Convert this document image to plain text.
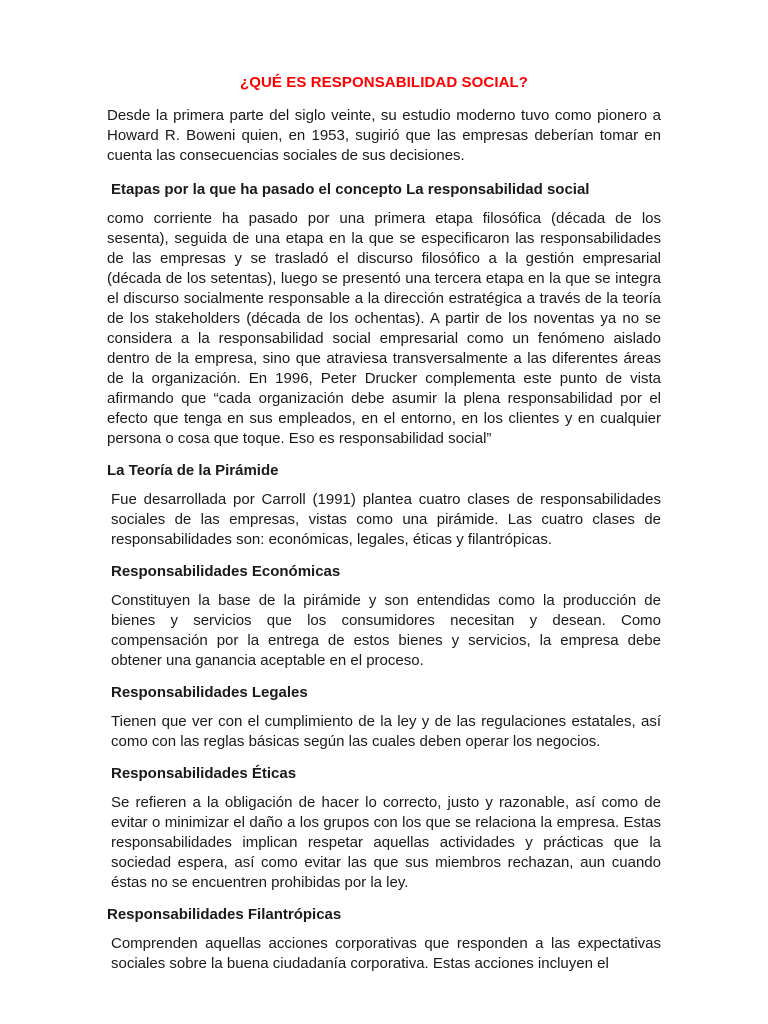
¿QUÉ ES RESPONSABILIDAD SOCIAL?

Desde la primera parte del siglo veinte, su estudio moderno tuvo como pionero a Howard R. Boweni quien, en 1953, sugirió que las empresas deberían tomar en cuenta las consecuencias sociales de sus decisiones.

Etapas por la que ha pasado el concepto La responsabilidad social

como corriente ha pasado por una primera etapa filosófica (década de los sesenta), seguida de una etapa en la que se especificaron las responsabilidades de las empresas y se trasladó el discurso filosófico a la gestión empresarial (década de los setentas), luego se presentó una tercera etapa en la que se integra el discurso socialmente responsable a la dirección estratégica a través de la teoría de los stakeholders (década de los ochentas). A partir de los noventas ya no se considera a la responsabilidad social empresarial como un fenómeno aislado dentro de la empresa, sino que atraviesa transversalmente a las diferentes áreas de la organización. En 1996, Peter Drucker complementa este punto de vista afirmando que “cada organización debe asumir la plena responsabilidad por el efecto que tenga en sus empleados, en el entorno, en los clientes y en cualquier persona o cosa que toque. Eso es responsabilidad social”

La Teoría de la Pirámide

Fue desarrollada por Carroll (1991) plantea cuatro clases de responsabilidades sociales de las empresas, vistas como una pirámide. Las cuatro clases de responsabilidades son: económicas, legales, éticas y filantrópicas.

Responsabilidades Económicas

Constituyen la base de la pirámide y son entendidas como la producción de bienes y servicios que los consumidores necesitan y desean. Como compensación por la entrega de estos bienes y servicios, la empresa debe obtener una ganancia aceptable en el proceso.

Responsabilidades Legales

Tienen que ver con el cumplimiento de la ley y de las regulaciones estatales, así como con las reglas básicas según las cuales deben operar los negocios.

Responsabilidades Éticas

Se refieren a la obligación de hacer lo correcto, justo y razonable, así como de evitar o minimizar el daño a los grupos con los que se relaciona la empresa. Estas responsabilidades implican respetar aquellas actividades y prácticas que la sociedad espera, así como evitar las que sus miembros rechazan, aun cuando éstas no se encuentren prohibidas por la ley.

Responsabilidades Filantrópicas

Comprenden aquellas acciones corporativas que responden a las expectativas sociales sobre la buena ciudadanía corporativa. Estas acciones incluyen el
